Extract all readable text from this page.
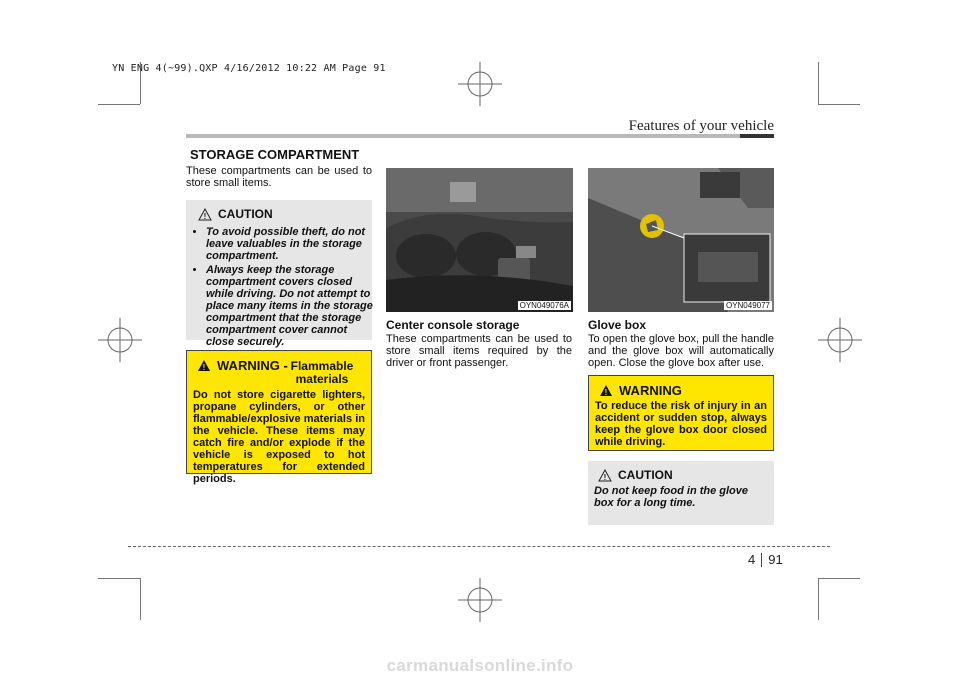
YN ENG 4(~99).QXP 4/16/2012 10:22 AM Page 91
Features of your vehicle
STORAGE COMPARTMENT
These compartments can be used to store small items.
! CAUTION
• To avoid possible theft, do not leave valuables in the storage compartment.
• Always keep the storage compartment covers closed while driving. Do not attempt to place many items in the storage compartment that the storage compartment cover cannot close securely.
! WARNING - Flammable materials
Do not store cigarette lighters, propane cylinders, or other flammable/explosive materials in the vehicle. These items may catch fire and/or explode if the vehicle is exposed to hot temperatures for extended periods.
OYN049076A
Center console storage
These compartments can be used to store small items required by the driver or front passenger.
OYN049077
Glove box
To open the glove box, pull the handle and the glove box will automatically open. Close the glove box after use.
! WARNING
To reduce the risk of injury in an accident or sudden stop, always keep the glove box door closed while driving.
! CAUTION
Do not keep food in the glove box for a long time.
4 91
carmanualsonline.info
